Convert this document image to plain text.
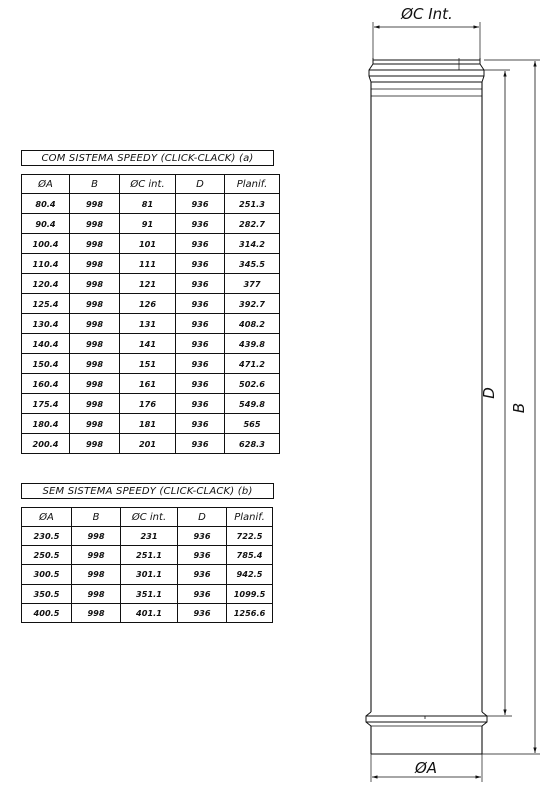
COM SISTEMA SPEEDY (CLICK-CLACK) (a)
ØA	B	ØC int.	D	Planif.
80.4	998	81	936	251.3
90.4	998	91	936	282.7
100.4	998	101	936	314.2
110.4	998	111	936	345.5
120.4	998	121	936	377
125.4	998	126	936	392.7
130.4	998	131	936	408.2
140.4	998	141	936	439.8
150.4	998	151	936	471.2
160.4	998	161	936	502.6
175.4	998	176	936	549.8
180.4	998	181	936	565
200.4	998	201	936	628.3
SEM SISTEMA SPEEDY (CLICK-CLACK) (b)
ØA	B	ØC int.	D	Planif.
230.5	998	231	936	722.5
250.5	998	251.1	936	785.4
300.5	998	301.1	936	942.5
350.5	998	351.1	936	1099.5
400.5	998	401.1	936	1256.6
ØC Int.
ØA
D
B
